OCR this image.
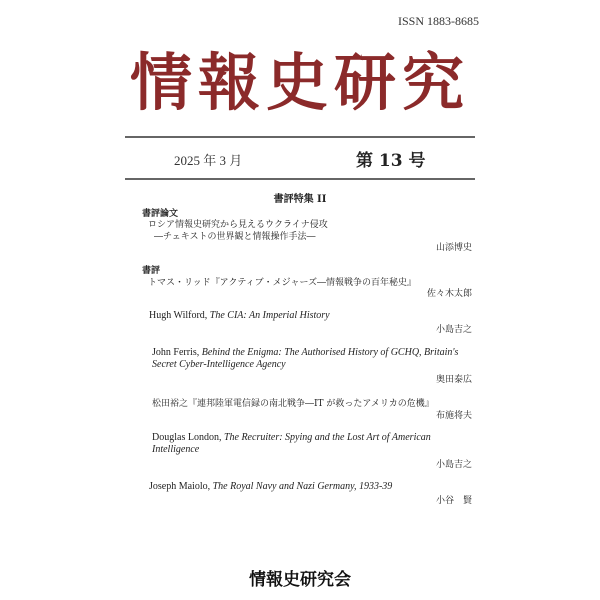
ISSN 1883-8685
情報史研究
2025 年 3 月	第 13 号
書評特集 II
書評論文
ロシア情報史研究から見えるウクライナ侵攻
―チェキストの世界観と情報操作手法―
山添博史
書評
トマス・リッド『アクティブ・メジャーズ―情報戦争の百年秘史』
佐々木太郎
Hugh Wilford, The CIA: An Imperial History
小島吉之
John Ferris, Behind the Enigma: The Authorised History of GCHQ, Britain's
Secret Cyber-Intelligence Agency
奥田泰広
松田裕之『連邦陸軍電信録の南北戦争―IT が救ったアメリカの危機』
布施将夫
Douglas London, The Recruiter: Spying and the Lost Art of American
Intelligence
小島吉之
Joseph Maiolo, The Royal Navy and Nazi Germany, 1933-39
小谷　賢
情報史研究会
